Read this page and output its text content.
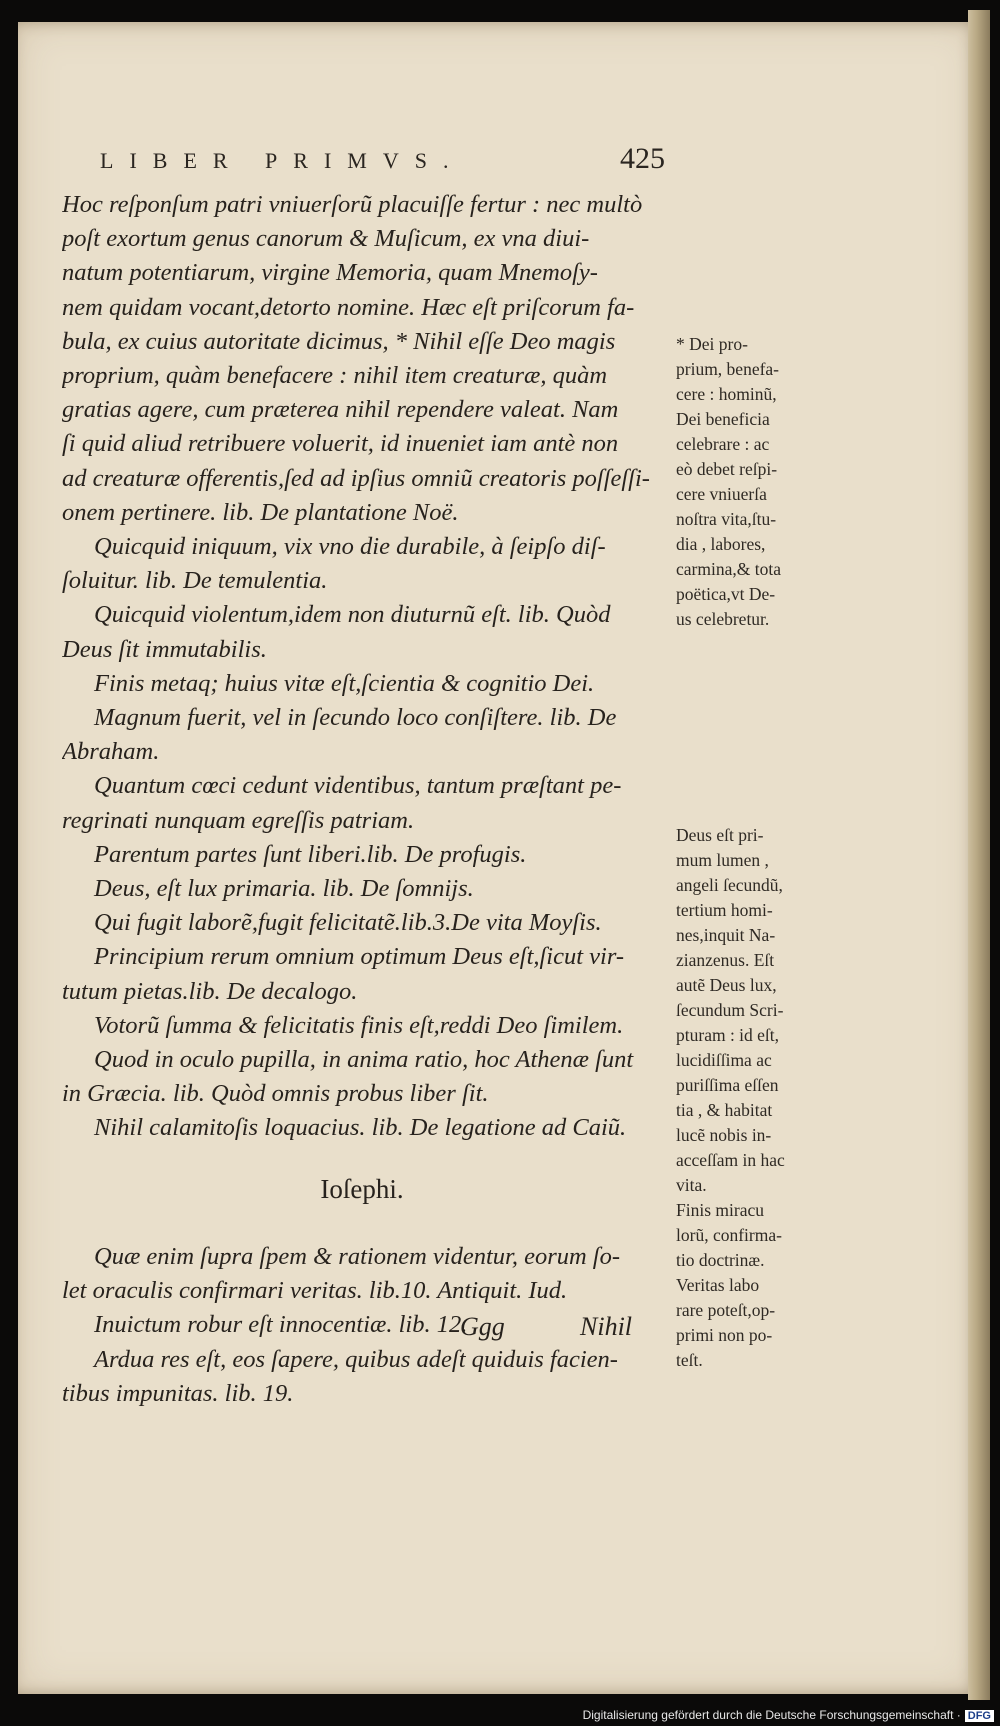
LIBER PRIMVS.	425
Hoc reſponſum patri vniuerſorũ placuiſſe fertur : nec multò
poſt exortum genus canorum & Muſicum, ex vna diui-
natum potentiarum, virgine Memoria, quam Mnemoſy-
nem quidam vocant,detorto nomine. Hæc eſt priſcorum fa-
bula, ex cuius autoritate dicimus, * Nihil eſſe Deo magis
proprium, quàm benefacere : nihil item creaturæ, quàm
gratias agere, cum præterea nihil rependere valeat. Nam
ſi quid aliud retribuere voluerit, id inueniet iam antè non
ad creaturæ offerentis,ſed ad ipſius omniũ creatoris poſſeſſi-
onem pertinere. lib. De plantatione Noë.
Quicquid iniquum, vix vno die durabile, à ſeipſo diſ-
ſoluitur. lib. De temulentia.
Quicquid violentum,idem non diuturnũ eſt. lib. Quòd
Deus ſit immutabilis.
Finis metaq; huius vitæ eſt,ſcientia & cognitio Dei.
Magnum fuerit, vel in ſecundo loco conſiſtere. lib. De
Abraham.
Quantum cœci cedunt videntibus, tantum præſtant pe-
regrinati nunquam egreſſis patriam.
Parentum partes ſunt liberi.lib. De profugis.
Deus, eſt lux primaria. lib. De ſomnijs.
Qui fugit laborẽ,fugit felicitatẽ.lib.3.De vita Moyſis.
Principium rerum omnium optimum Deus eſt,ſicut vir-
tutum pietas.lib. De decalogo.
Votorũ ſumma & felicitatis finis eſt,reddi Deo ſimilem.
Quod in oculo pupilla, in anima ratio, hoc Athenæ ſunt
in Græcia. lib. Quòd omnis probus liber ſit.
Nihil calamitoſis loquacius. lib. De legatione ad Caiũ.
Ioſephi.
Quæ enim ſupra ſpem & rationem videntur, eorum ſo-
let oraculis confirmari veritas. lib.10. Antiquit. Iud.
Inuictum robur eſt innocentiæ. lib. 12.
Ardua res eſt, eos ſapere, quibus adeſt quiduis facien-
tibus impunitas. lib. 19.
* Dei pro-
prium, benefa-
cere : hominũ,
Dei beneficia
celebrare : ac
eò debet reſpi-
cere vniuerſa
noſtra vita,ſtu-
dia , labores,
carmina,& tota
poëtica,vt De-
us celebretur.
Deus eſt pri-
mum lumen ,
angeli ſecundũ,
tertium homi-
nes,inquit Na-
zianzenus. Eſt
autẽ Deus lux,
ſecundum Scri-
pturam : id eſt,
lucidiſſima ac
puriſſima eſſen
tia , & habitat
lucẽ nobis in-
acceſſam in hac
vita.
Finis miracu
lorũ, confirma-
tio doctrinæ.
Veritas labo
rare poteſt,op-
primi non po-
teſt.
Ggg	Nihil
Digitalisierung gefördert durch die Deutsche Forschungsgemeinschaft · DFG
